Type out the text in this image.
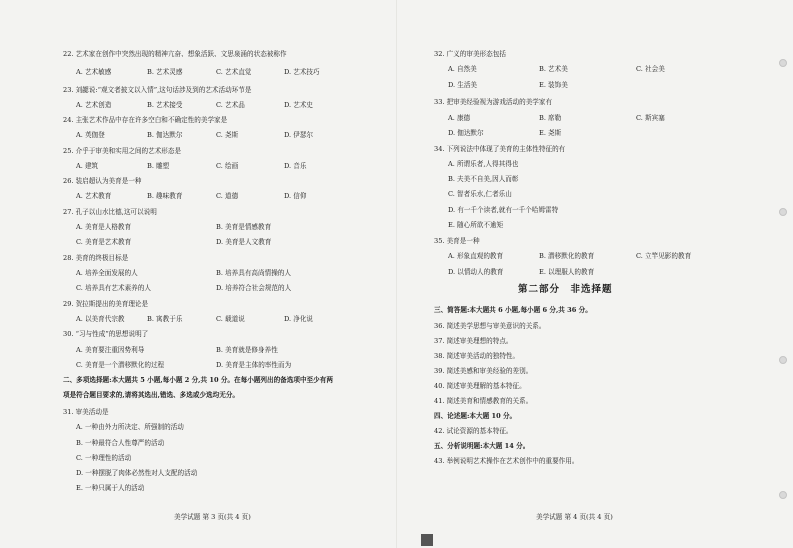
22. 艺术家在创作中突然出现的精神亢奋、想象活跃、文思泉涌的状态被称作
A. 艺术敏感	B. 艺术灵感	C. 艺术直觉	D. 艺术技巧
23. 刘勰说:“观文者披文以入情”,这句话涉及到的艺术活动环节是
A. 艺术创造	B. 艺术接受	C. 艺术品	D. 艺术史
24. 主张艺术作品中存在许多空白和不确定性的美学家是
A. 英伽登	B. 伽达默尔	C. 尧斯	D. 伊瑟尔
25. 介乎于审美和实用之间的艺术形态是
A. 建筑	B. 雕塑	C. 绘画	D. 音乐
26. 装启超认为美育是一种
A. 艺术教育	B. 趣味教育	C. 道德	D. 信仰
27. 孔子以山水比德,这可以说明
A. 美育是人格教育	B. 美育是情感教育
C. 美育是艺术教育	D. 美育是人文教育
28. 美育的终极目标是
A. 培养全面发展的人	B. 培养具有高尚情操的人
C. 培养具有艺术素养的人	D. 培养符合社会规范的人
29. 贺拉斯提出的美育理论是
A. 以美育代宗教	B. 寓教于乐	C. 载道说	D. 净化说
30. “习与性成”的思想说明了
A. 美育要注重因势利导	B. 美育就是修身养性
C. 美育是一个潜移默化的过程	D. 美育是主体的率性而为
二、多项选择题:本大题共 5 小题,每小题 2 分,共 10 分。在每小题列出的备选项中至少有两
项是符合题目要求的,请将其选出,错选、多选或少选均无分。
31. 审美活动是
A. 一种由外力所决定、所强制的活动
B. 一种最符合人性尊严的活动
C. 一种理性的活动
D. 一种摆脱了肉体必然性对人支配的活动
E. 一种只属于人的活动
美学试题 第 3 页(共 4 页)
32. 广义的审美形态包括
A. 自然美	B. 艺术美	C. 社会美
D. 生活美	E. 装饰美
33. 把审美经验视为游戏活动的美学家有
A. 康德	B. 席勒	C. 斯宾塞
D. 伽达默尔	E. 尧斯
34. 下列说法中体现了美育的主体性特征的有
A. 所谓乐者,人得其得也
B. 夫美不自美,因人而彰
C. 智者乐水,仁者乐山
D. 有一千个读者,就有一千个哈姆雷特
E. 随心所欲不逾矩
35. 美育是一种
A. 形象直观的教育	B. 潜移默化的教育	C. 立竿见影的教育
D. 以情动人的教育	E. 以理服人的教育
第二部分　非选择题
三、简答题:本大题共 6 小题,每小题 6 分,共 36 分。
36. 简述美学思想与审美意识的关系。
37. 简述审美理想的特点。
38. 简述审美活动的独特性。
39. 简述美感和审美经验的差别。
40. 简述审美理解的基本特征。
41. 简述美育和情感教育的关系。
四、论述题:本大题 10 分。
42. 试论资源的基本特征。
五、分析说明题:本大题 14 分。
43. 举例说明艺术操作在艺术创作中的重要作用。
美学试题 第 4 页(共 4 页)
